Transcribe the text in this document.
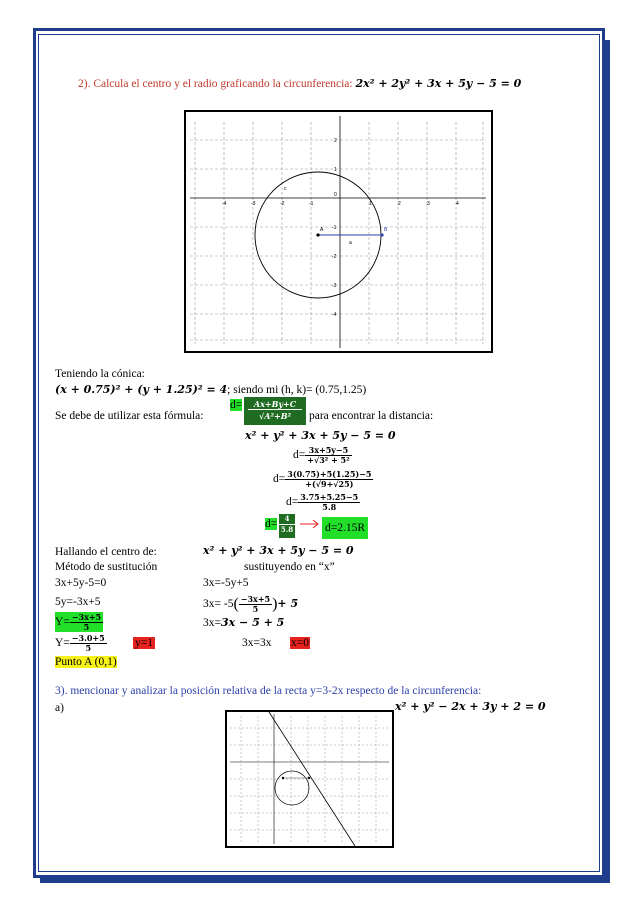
2). Calcula el centro y el radio graficando la circunferencia: 2x² + 2y² + 3x + 5y − 5 = 0
-4	-3	-2	-1	1	2	3	4
2
1
0
-1
-2
-3
-4
c
A	B
a
Teniendo la cónica:
(x + 0.75)² + (y + 1.25)² = 4; siendo mi (h, k)= (0.75,1.25)
Se debe de utilizar esta fórmula:
$d= \frac{Ax+By+C}{\text{√A²+B²}}$ para encontrar la distancia:
x² + y² + 3x + 5y − 5 = 0
$d= \frac{3x+5y-5}{\text{+√3² + 5²}}$
$d= \frac{3(0.75)+5(1.25)-5}{+(√9+√25)}$
$d= \frac{3.75+5.25-5}{5.8}$
$d= \frac{4}{5.8}$	d=2.15R
Hallando el centro de:	x² + y² + 3x + 5y − 5 = 0
Método de sustitución	sustituyendo en “x”
3x+5y-5=0	3x=-5y+5
5y=-3x+5	$3x= -5( \frac{-3x+5}{5}$ )+ 5
$Y= \frac{-3x+5}{5}$	3x=3x − 5 + 5
$Y= \frac{-3.0+5}{5} y=1$	3x=3x x=0
Punto A (0,1)
3). mencionar y analizar la posición relativa de la recta y=3-2x respecto de la circunferencia:
a)	x² + y² − 2x + 3y + 2 = 0
